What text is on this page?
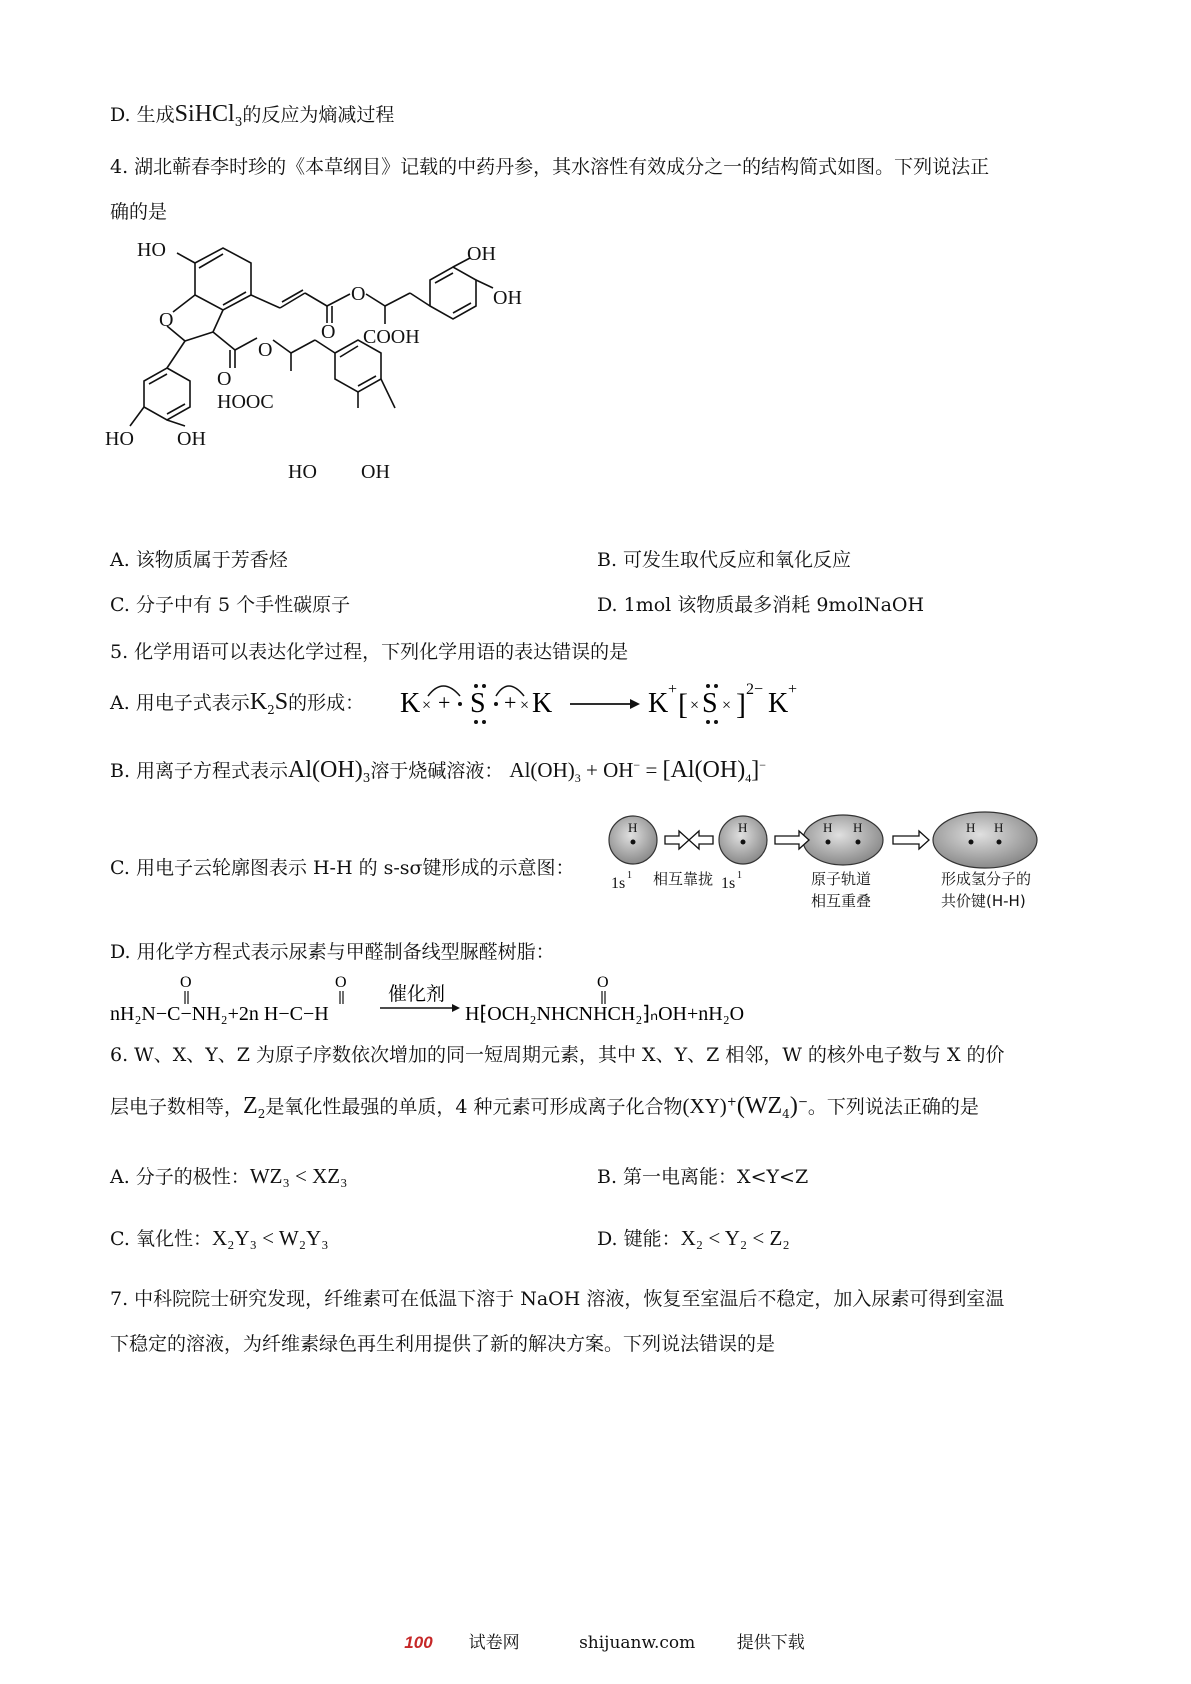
D. 生成SiHCl$_3$的反应为熵减过程
4. 湖北蕲春李时珍的《本草纲目》记载的中药丹参，其水溶性有效成分之一的结构简式如图。下列说法正
确的是
HO
O
O
O COOH
OH
OH
O
O
HOOC
HO OH
HO OH
A. 该物质属于芳香烃	B. 可发生取代反应和氧化反应
C. 分子中有 5 个手性碳原子	D. 1mol 该物质最多消耗 9molNaOH
5. 化学用语可以表达化学过程，下列化学用语的表达错误的是
A. 用电子式表示$K_2S$的形成： K × + S + × K	K + [ × S × ] 2− K +
B. 用离子方程式表示$Al(OH)_3$溶于烧碱溶液： $Al(OH)_3 + OH^- = [Al(OH)_4]^-$
C. 用电子云轮廓图表示 H-H 的 s-sσ键形成的示意图：
H	H	H H	H H
1s 1 相互靠拢 1s 1	原子轨道
相互重叠
形成氢分子的
共价键(H-H)
D. 用化学方程式表示尿素与甲醛制备线型脲醛树脂：
nH₂N−C−NH₂+2n H−C−H
O	O
催化剂
H⁅OCH₂NHCNHCH₂⁆ₙOH+nH₂O
O
6. W、X、Y、Z 为原子序数依次增加的同一短周期元素，其中 X、Y、Z 相邻，W 的核外电子数与 X 的价
层电子数相等，$Z_2$是氧化性最强的单质，4 种元素可形成离子化合物$(XY)^+(WZ_4)^-$。下列说法正确的是
A. 分子的极性：WZ₃ < XZ₃	B. 第一电离能：X<Y<Z
C. 氧化性：X₂Y₃ < W₂Y₃	D. 键能：X₂ < Y₂ < Z₂
7. 中科院院士研究发现，纤维素可在低温下溶于 NaOH 溶液，恢复至室温后不稳定，加入尿素可得到室温
下稳定的溶液，为纤维素绿色再生利用提供了新的解决方案。下列说法错误的是
100 试卷网	shijuanw.com 提供下载
